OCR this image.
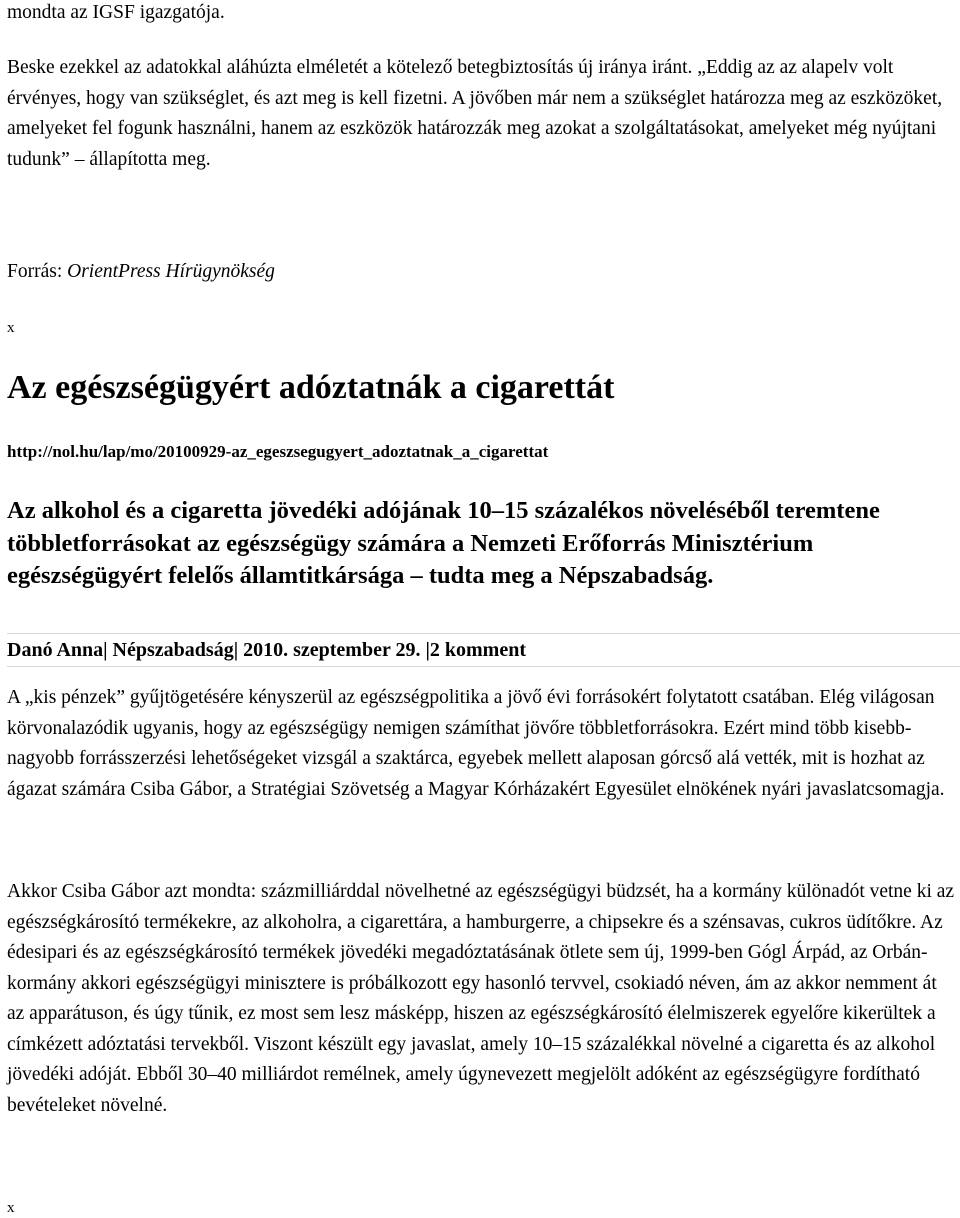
mondta az IGSF igazgatója.

Beske ezekkel az adatokkal aláhúzta elméletét a kötelező betegbiztosítás új iránya iránt. „Eddig az az alapelv volt érvényes, hogy van szükséglet, és azt meg is kell fizetni. A jövőben már nem a szükséglet határozza meg az eszközöket, amelyeket fel fogunk használni, hanem az eszközök határozzák meg azokat a szolgáltatásokat, amelyeket még nyújtani tudunk” – állapította meg.

Forrás: OrientPress Hírügynökség
x
Az egészségügyért adóztatnák a cigarettát
http://nol.hu/lap/mo/20100929-az_egeszsegugyert_adoztatnak_a_cigarettat

Az alkohol és a cigaretta jövedéki adójának 10–15 százalékos növeléséből teremtene többletforrásokat az egészségügy számára a Nemzeti Erőforrás Minisztérium egészségügyért felelős államtitkársága – tudta meg a Népszabadság.

Danó Anna| Népszabadság| 2010. szeptember 29. |2 komment

A „kis pénzek” gyűjtögetésére kényszerül az egészségpolitika a jövő évi forrásokért folytatott csatában. Elég világosan körvonalazódik ugyanis, hogy az egészségügy nemigen számíthat jövőre többletforrásokra. Ezért mind több kisebb-nagyobb forrásszerzési lehetőségeket vizsgál a szaktárca, egyebek mellett alaposan górcső alá vették, mit is hozhat az ágazat számára Csiba Gábor, a Stratégiai Szövetség a Magyar Kórházakért Egyesület elnökének nyári javaslatcsomagja.

Akkor Csiba Gábor azt mondta: százmilliárddal növelhetné az egészségügyi büdzsét, ha a kormány különadót vetne ki az egészségkárosító termékekre, az alkoholra, a cigarettára, a hamburgerre, a chipsekre és a szénsavas, cukros üdítőkre. Az édesipari és az egészségkárosító termékek jövedéki megadóztatásának ötlete sem új, 1999-ben Gógl Árpád, az Orbán-kormány akkori egészségügyi minisztere is próbálkozott egy hasonló tervvel, csokiadó néven, ám az akkor nemment át az apparátuson, és úgy tűnik, ez most sem lesz másképp, hiszen az egészségkárosító élelmiszerek egyelőre kikerültek a címkézett adóztatási tervekből. Viszont készült egy javaslat, amely 10–15 százalékkal növelné a cigaretta és az alkohol jövedéki adóját. Ebből 30–40 milliárdot remélnek, amely úgynevezett megjelölt adóként az egészségügyre fordítható bevételeket növelné.

x
